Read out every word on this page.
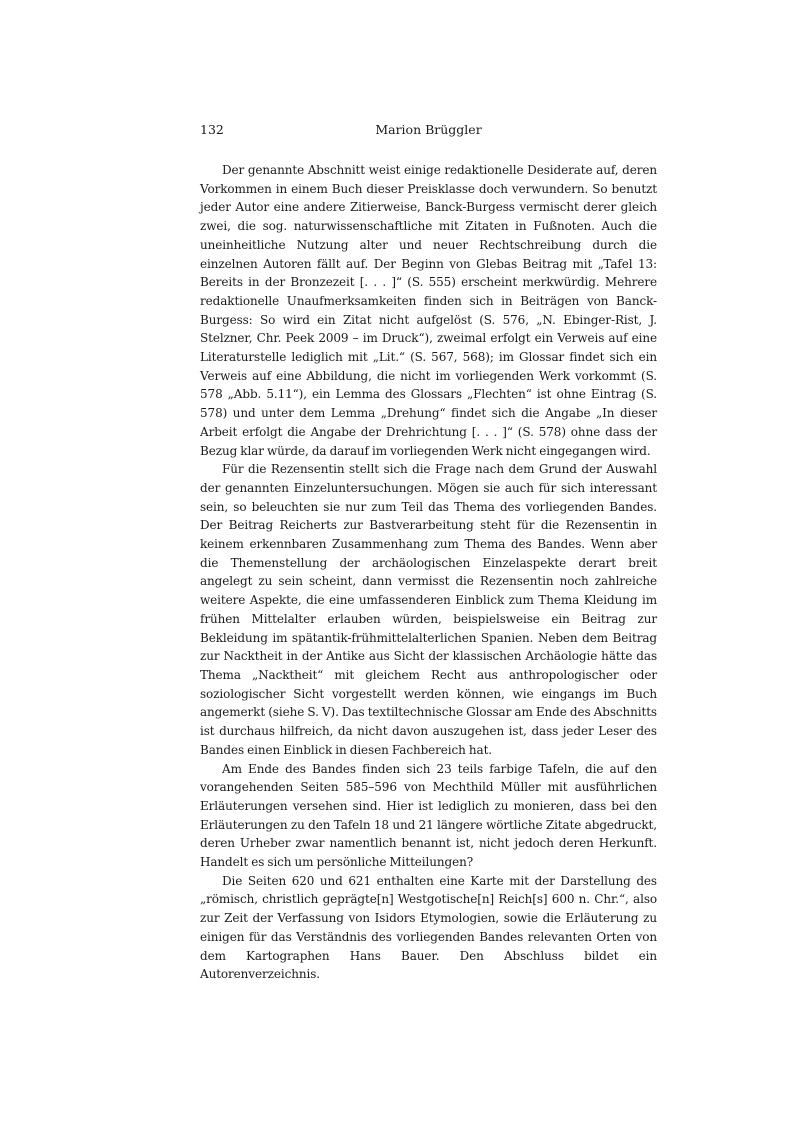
132	Marion Brüggler

Der genannte Abschnitt weist einige redaktionelle Desiderate auf, deren Vorkommen in einem Buch dieser Preisklasse doch verwundern. So benutzt jeder Autor eine andere Zitierweise, Banck-Burgess vermischt derer gleich zwei, die sog. naturwissenschaftliche mit Zitaten in Fußnoten. Auch die uneinheitliche Nutzung alter und neuer Rechtschreibung durch die einzelnen Autoren fällt auf. Der Beginn von Glebas Beitrag mit „Tafel 13: Bereits in der Bronzezeit [. . . ]“ (S. 555) erscheint merkwürdig. Mehrere redaktionelle Unaufmerksamkeiten finden sich in Beiträgen von Banck-Burgess: So wird ein Zitat nicht aufgelöst (S. 576, „N. Ebinger-Rist, J. Stelzner, Chr. Peek 2009 – im Druck“), zweimal erfolgt ein Verweis auf eine Literaturstelle lediglich mit „Lit.“ (S. 567, 568); im Glossar findet sich ein Verweis auf eine Abbildung, die nicht im vorliegenden Werk vorkommt (S. 578 „Abb. 5.11“), ein Lemma des Glossars „Flechten“ ist ohne Eintrag (S. 578) und unter dem Lemma „Drehung“ findet sich die Angabe „In dieser Arbeit erfolgt die Angabe der Drehrichtung [. . . ]“ (S. 578) ohne dass der Bezug klar würde, da darauf im vorliegenden Werk nicht eingegangen wird.

Für die Rezensentin stellt sich die Frage nach dem Grund der Auswahl der genannten Einzeluntersuchungen. Mögen sie auch für sich interessant sein, so beleuchten sie nur zum Teil das Thema des vorliegenden Bandes. Der Beitrag Reicherts zur Bastverarbeitung steht für die Rezensentin in keinem erkennbaren Zusammenhang zum Thema des Bandes. Wenn aber die Themenstellung der archäologischen Einzelaspekte derart breit angelegt zu sein scheint, dann vermisst die Rezensentin noch zahlreiche weitere Aspekte, die eine umfassenderen Einblick zum Thema Kleidung im frühen Mittelalter erlauben würden, beispielsweise ein Beitrag zur Bekleidung im spätantik-frühmittelalterlichen Spanien. Neben dem Beitrag zur Nacktheit in der Antike aus Sicht der klassischen Archäologie hätte das Thema „Nacktheit“ mit gleichem Recht aus anthropologischer oder soziologischer Sicht vorgestellt werden können, wie eingangs im Buch angemerkt (siehe S. V). Das textiltechnische Glossar am Ende des Abschnitts ist durchaus hilfreich, da nicht davon auszugehen ist, dass jeder Leser des Bandes einen Einblick in diesen Fachbereich hat.

Am Ende des Bandes finden sich 23 teils farbige Tafeln, die auf den vorangehenden Seiten 585–596 von Mechthild Müller mit ausführlichen Erläuterungen versehen sind. Hier ist lediglich zu monieren, dass bei den Erläuterungen zu den Tafeln 18 und 21 längere wörtliche Zitate abgedruckt, deren Urheber zwar namentlich benannt ist, nicht jedoch deren Herkunft. Handelt es sich um persönliche Mitteilungen?

Die Seiten 620 und 621 enthalten eine Karte mit der Darstellung des „römisch, christlich geprägte[n] Westgotische[n] Reich[s] 600 n. Chr.“, also zur Zeit der Verfassung von Isidors Etymologien, sowie die Erläuterung zu einigen für das Verständnis des vorliegenden Bandes relevanten Orten von dem Kartographen Hans Bauer. Den Abschluss bildet ein Autorenverzeichnis.
